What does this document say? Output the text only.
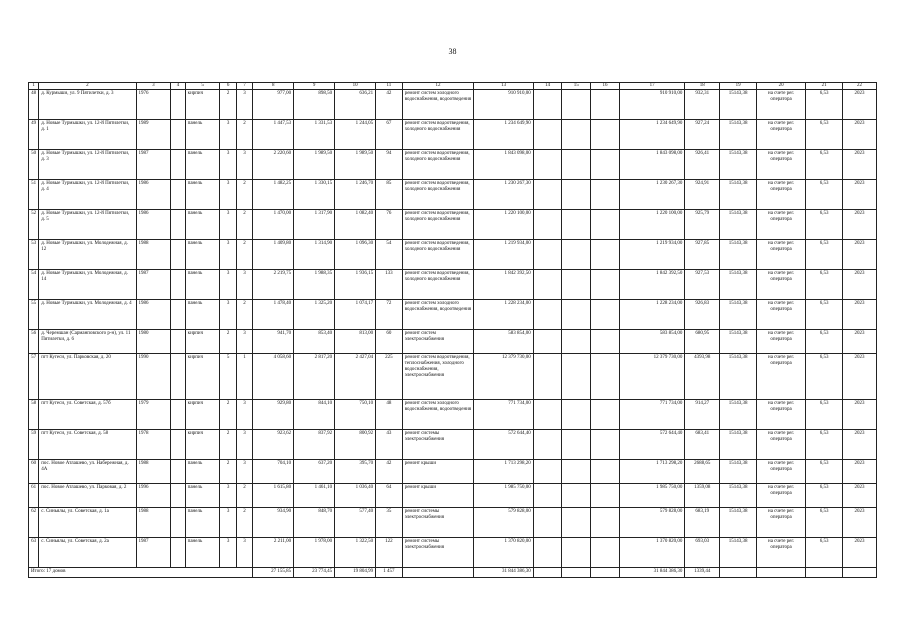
38
1	2	3	4	5	6	7	8	9	10	11	12	13	14	15	16	17	18	19	20	21	22
48	д. Курмыши, ул. 9 Пятилетки, д. 3	1976		кирпич	2	3	977,00	898,50	636,21	42	ремонт систем холодного водоснабжения, водоотведения	910 910,00				910 910,00	932,31	15143,38	на счете рег. оператора	6,53	2023
49	д. Новые Турмышки, ул. 12-й Пятилетки, д. 1	1989		панель	3	2	1 447,53	1 331,53	1 244,05	67	ремонт систем водоотведения, холодного водоснабжения	1 234 649,90				1 234 649,90	927,24	15143,38	на счете рег. оператора	6,53	2023
50	д. Новые Турмышки, ул. 12-й Пятилетки, д. 3	1987		панель	3	3	2 220,60	1 989,50	1 989,50	94	ремонт систем водоотведения, холодного водоснабжения	1 843 098,00				1 843 098,00	926,41	15143,38	на счете рег. оператора	6,53	2023
51	д. Новые Турмышки, ул. 12-й Пятилетки, д. 4	1986		панель	3	2	1 482,25	1 330,15	1 246,70	85	ремонт систем водоотведения, холодного водоснабжения	1 230 267,30				1 230 267,30	924,91	15143,38	на счете рег. оператора	6,53	2023
52	д. Новые Турмышки, ул. 12-й Пятилетки, д. 5	1986		панель	3	2	1 470,00	1 317,90	1 082,40	76	ремонт систем водоотведения, холодного водоснабжения	1 220 100,00				1 220 100,00	925,79	15143,38	на счете рег. оператора	6,53	2023
53	д. Новые Турмышки, ул. Молодежная, д. 12	1988		панель	3	2	1 409,80	1 314,90	1 096,30	54	ремонт систем водоотведения, холодного водоснабжения	1 219 934,00				1 219 934,00	927,85	15143,38	на счете рег. оператора	6,53	2023
54	д. Новые Турмышки, ул. Молодежная, д. 14	1987		панель	3	3	2 219,75	1 988,35	1 936,15	133	ремонт систем водоотведения, холодного водоснабжения	1 842 392,50				1 842 392,50	927,53	15143,38	на счете рег. оператора	6,53	2023
55	д. Новые Турмышки, ул. Молодежная, д. 4	1986		панель	3	2	1 478,40	1 325,20	1 074,17	72	ремонт систем холодного водоснабжения, водоотведения	1 228 234,00				1 228 234,00	926,83	15143,38	на счете рег. оператора	6,53	2023
56	д. Черемшан (Сарманповского р-н), ул. 11 Пятилетки, д. 6	1980		кирпич	2	3	941,70	853,40	813,00	60	ремонт систем электроснабжения	583 854,00				583 854,00	680,95	15143,38	на счете рег. оператора	6,53	2023
57	пгт Кугеси, ул. Парковская, д. 20	1990		кирпич	5	1	4 058,60	2 817,20	2 427,04	225	ремонт систем водоотведения, теплоснабжения, холодного водоснабжения, электроснабжения	12 379 730,00				12 379 730,00	4393,98	15143,38	на счете рег. оператора	6,53	2023
58	пгт Кугеси, ул. Советская, д. 57б	1979		кирпич	2	3	929,80	844,10	750,10	48	ремонт систем холодного водоснабжения, водоотведения	771 734,00				771 734,00	914,27	15143,38	на счете рег. оператора	6,53	2023
59	пгт Кугеси, ул. Советская, д. 58	1978		кирпич	2	3	923,62	837,92	800,92	43	ремонт системы электроснабжения	572 644,40				572 644,40	683,41	15143,38	на счете рег. оператора	6,53	2023
60	пос. Новое Атлашево, ул. Набережная, д. 4А	1988		панель	2	3	704,10	637,20	395,70	42	ремонт крыши	1 713 298,20				1 713 298,20	2688,65	15143,38	на счете рег. оператора	6,53	2023
61	пос. Новое Атлашево, ул. Парковая, д. 2	1996		панель	3	2	1 615,80	1 461,10	1 036,40	64	ремонт крыши	1 985 750,00				1 985 750,00	1359,08	15143,38	на счете рег. оператора	6,53	2023
62	с. Синьялы, ул. Советская, д. 1а	1988		панель	3	2	934,90	848,70	577,40	35	ремонт системы электроснабжения	579 828,00				579 828,00	683,19	15143,38	на счете рег. оператора	6,53	2023
63	с. Синьялы, ул. Советская, д. 2а	1987		панель	3	3	2 211,00	1 978,00	1 322,50	122	ремонт системы электроснабжения	1 370 820,00				1 370 820,00	693,03	15143,38	на счете рег. оператора	6,53	2023
Итого: 17 домов							27 155,85	23 774,45	19 804,99	1 457		31 844 386,30				31 844 386,30	1339,44				
